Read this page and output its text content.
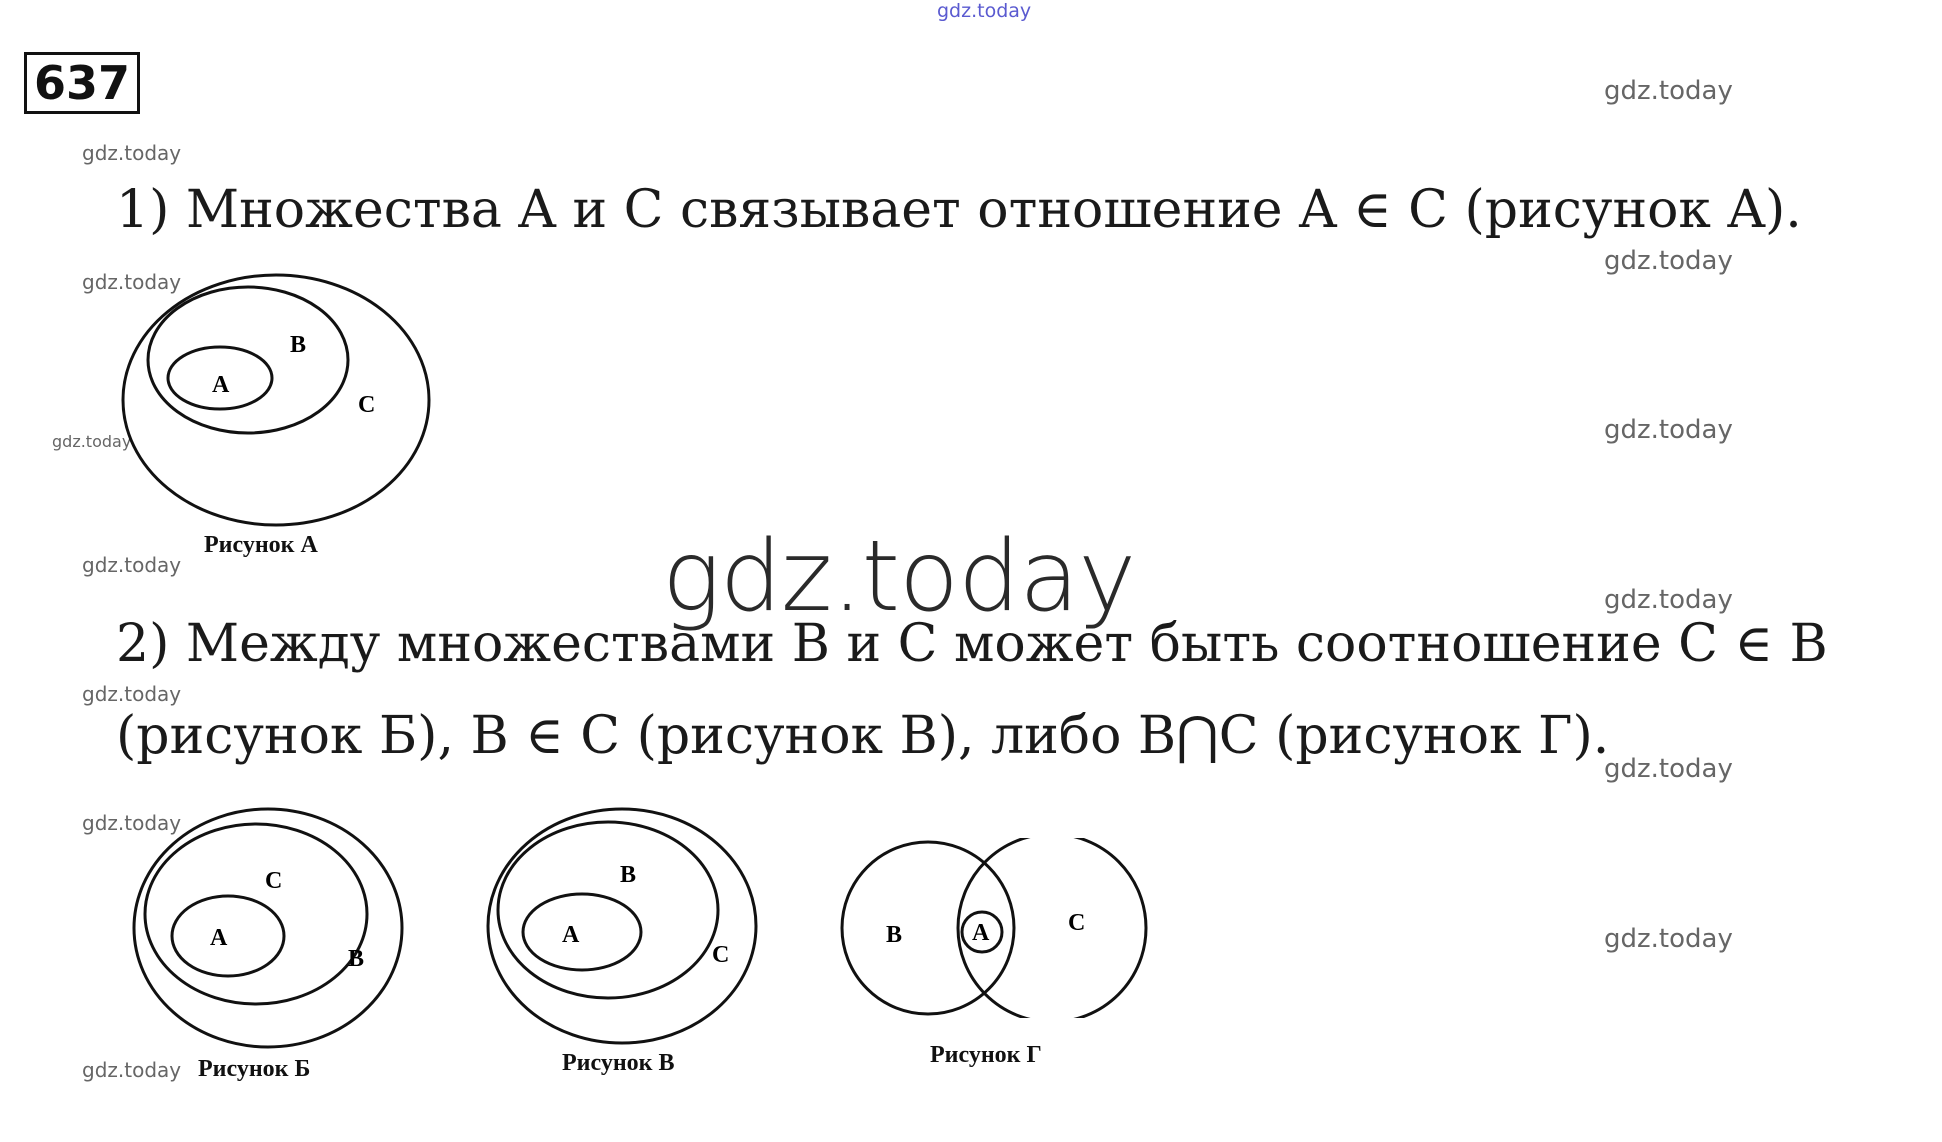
gdz.today
637
gdz.today
gdz.today
gdz.today
gdz.today
gdz.today
gdz.today
gdz.today
gdz.today
gdz.today
gdz.today
gdz.today
gdz.today
gdz.today
gdz.today
1) Множества A и C связывает отношение A ∈ C (рисунок A).
2) Между множествами B и C может быть соотношение C ∈ B
(рисунок Б), B ∈ C (рисунок В), либо B⋂C (рисунок Г).
A
B
C
Рисунок А
A
C
B
Рисунок Б
A
B
C
Рисунок В
A
B	C
Рисунок Г
